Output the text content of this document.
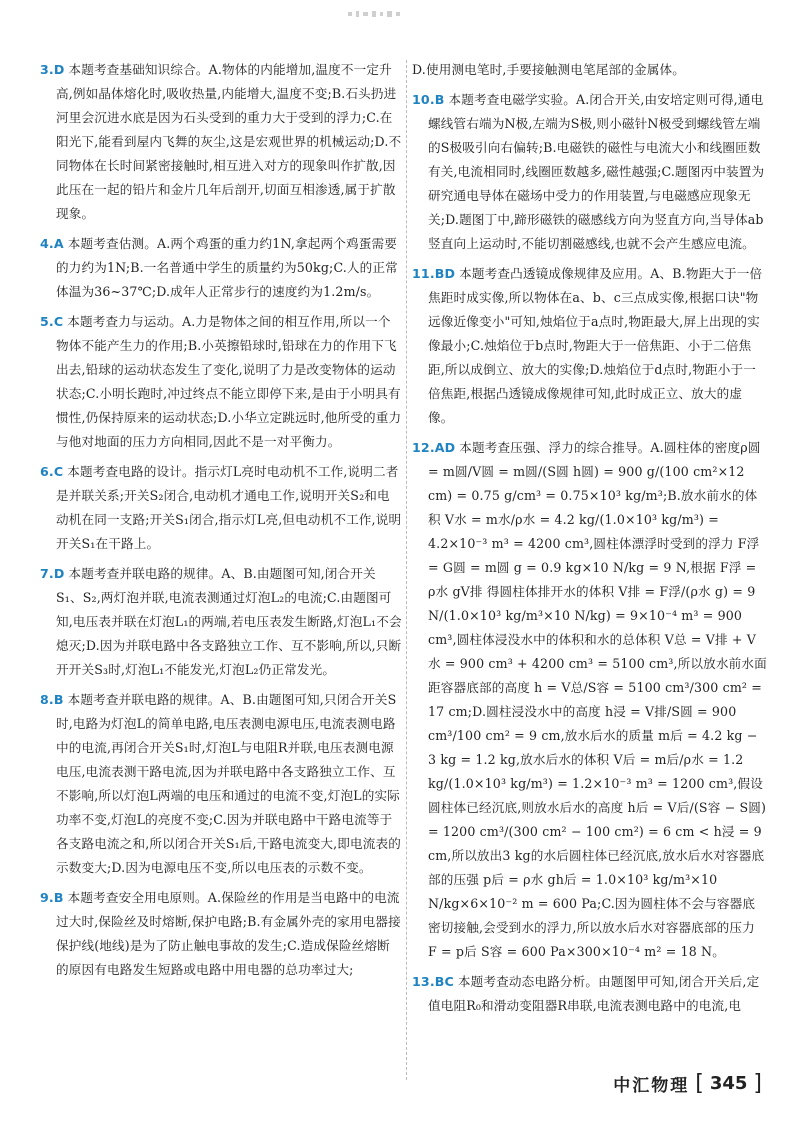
3.D 本题考查基础知识综合。A.物体的内能增加,温度不一定升高,例如晶体熔化时,吸收热量,内能增大,温度不变;B.石头扔进河里会沉进水底是因为石头受到的重力大于受到的浮力;C.在阳光下,能看到屋内飞舞的灰尘,这是宏观世界的机械运动;D.不同物体在长时间紧密接触时,相互进入对方的现象叫作扩散,因此压在一起的铅片和金片几年后剖开,切面互相渗透,属于扩散现象。

4.A 本题考查估测。A.两个鸡蛋的重力约1N,拿起两个鸡蛋需要的力约为1N;B.一名普通中学生的质量约为50kg;C.人的正常体温为36~37℃;D.成年人正常步行的速度约为1.2m/s。

5.C 本题考查力与运动。A.力是物体之间的相互作用,所以一个物体不能产生力的作用;B.小英擦铅球时,铅球在力的作用下飞出去,铅球的运动状态发生了变化,说明了力是改变物体的运动状态;C.小明长跑时,冲过终点不能立即停下来,是由于小明具有惯性,仍保持原来的运动状态;D.小华立定跳远时,他所受的重力与他对地面的压力方向相同,因此不是一对平衡力。

6.C 本题考查电路的设计。指示灯L亮时电动机不工作,说明二者是并联关系;开关S₂闭合,电动机才通电工作,说明开关S₂和电动机在同一支路;开关S₁闭合,指示灯L亮,但电动机不工作,说明开关S₁在干路上。

7.D 本题考查并联电路的规律。A、B.由题图可知,闭合开关S₁、S₂,两灯泡并联,电流表测通过灯泡L₂的电流;C.由题图可知,电压表并联在灯泡L₁的两端,若电压表发生断路,灯泡L₁不会熄灭;D.因为并联电路中各支路独立工作、互不影响,所以,只断开开关S₃时,灯泡L₁不能发光,灯泡L₂仍正常发光。

8.B 本题考查并联电路的规律。A、B.由题图可知,只闭合开关S时,电路为灯泡L的简单电路,电压表测电源电压,电流表测电路中的电流,再闭合开关S₁时,灯泡L与电阻R并联,电压表测电源电压,电流表测干路电流,因为并联电路中各支路独立工作、互不影响,所以灯泡L两端的电压和通过的电流不变,灯泡L的实际功率不变,灯泡L的亮度不变;C.因为并联电路中干路电流等于各支路电流之和,所以闭合开关S₁后,干路电流变大,即电流表的示数变大;D.因为电源电压不变,所以电压表的示数不变。

9.B 本题考查安全用电原则。A.保险丝的作用是当电路中的电流过大时,保险丝及时熔断,保护电路;B.有金属外壳的家用电器接保护线(地线)是为了防止触电事故的发生;C.造成保险丝熔断的原因有电路发生短路或电路中用电器的总功率过大;

D.使用测电笔时,手要接触测电笔尾部的金属体。

10.B 本题考查电磁学实验。A.闭合开关,由安培定则可得,通电螺线管右端为N极,左端为S极,则小磁针N极受到螺线管左端的S极吸引向右偏转;B.电磁铁的磁性与电流大小和线圈匝数有关,电流相同时,线圈匝数越多,磁性越强;C.题图丙中装置为研究通电导体在磁场中受力的作用装置,与电磁感应现象无关;D.题图丁中,蹄形磁铁的磁感线方向为竖直方向,当导体ab竖直向上运动时,不能切割磁感线,也就不会产生感应电流。

11.BD 本题考查凸透镜成像规律及应用。A、B.物距大于一倍焦距时成实像,所以物体在a、b、c三点成实像,根据口诀"物远像近像变小"可知,烛焰位于a点时,物距最大,屏上出现的实像最小;C.烛焰位于b点时,物距大于一倍焦距、小于二倍焦距,所以成倒立、放大的实像;D.烛焰位于d点时,物距小于一倍焦距,根据凸透镜成像规律可知,此时成正立、放大的虚像。

12.AD 本题考查压强、浮力的综合推导。A.圆柱体的密度ρ圆 = m圆/V圆 = m圆/(S圆 h圆) = 900 g/(100 cm²×12 cm) = 0.75 g/cm³ = 0.75×10³ kg/m³;B.放水前水的体积 V水 = m水/ρ水 = 4.2 kg/(1.0×10³ kg/m³) = 4.2×10⁻³ m³ = 4200 cm³,圆柱体漂浮时受到的浮力 F浮 = G圆 = m圆 g = 0.9 kg×10 N/kg = 9 N,根据 F浮 = ρ水 gV排 得圆柱体排开水的体积 V排 = F浮/(ρ水 g) = 9 N/(1.0×10³ kg/m³×10 N/kg) = 9×10⁻⁴ m³ = 900 cm³,圆柱体浸没水中的体积和水的总体积 V总 = V排 + V水 = 900 cm³ + 4200 cm³ = 5100 cm³,所以放水前水面距容器底部的高度 h = V总/S容 = 5100 cm³/300 cm² = 17 cm;D.圆柱浸没水中的高度 h浸 = V排/S圆 = 900 cm³/100 cm² = 9 cm,放水后水的质量 m后 = 4.2 kg − 3 kg = 1.2 kg,放水后水的体积 V后 = m后/ρ水 = 1.2 kg/(1.0×10³ kg/m³) = 1.2×10⁻³ m³ = 1200 cm³,假设圆柱体已经沉底,则放水后水的高度 h后 = V后/(S容 − S圆) = 1200 cm³/(300 cm² − 100 cm²) = 6 cm < h浸 = 9 cm,所以放出3 kg的水后圆柱体已经沉底,放水后水对容器底部的压强 p后 = ρ水 gh后 = 1.0×10³ kg/m³×10 N/kg×6×10⁻² m = 600 Pa;C.因为圆柱体不会与容器底密切接触,会受到水的浮力,所以放水后水对容器底部的压力 F = p后 S容 = 600 Pa×300×10⁻⁴ m² = 18 N。

13.BC 本题考查动态电路分析。由题图甲可知,闭合开关后,定值电阻R₀和滑动变阻器R串联,电流表测电路中的电流,电

中汇物理 [ 345 ]
